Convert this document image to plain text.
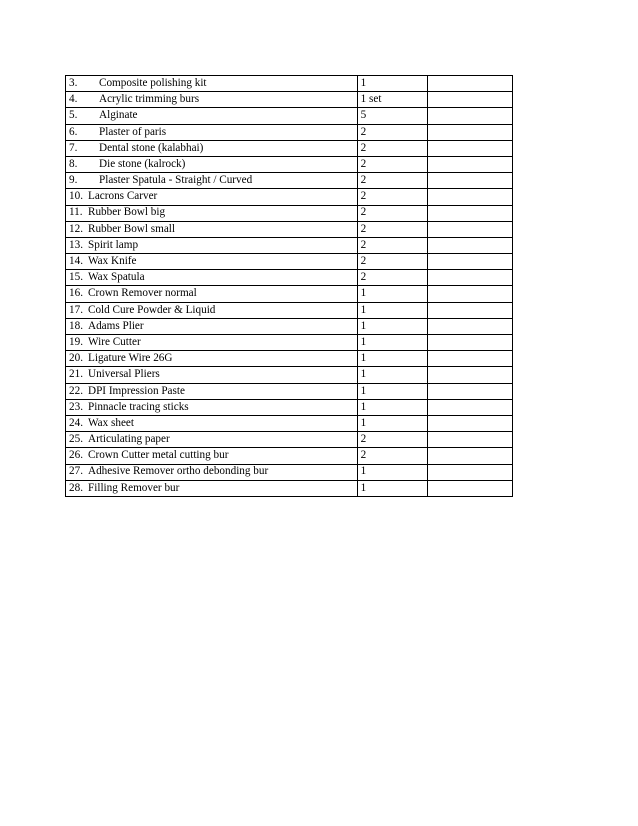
3. Composite polishing kit	1	
4. Acrylic trimming burs	1 set	
5. Alginate	5	
6. Plaster of paris	2	
7. Dental stone (kalabhai)	2	
8. Die stone (kalrock)	2	
9. Plaster Spatula - Straight / Curved	2	
10. Lacrons Carver	2	
11. Rubber Bowl big	2	
12. Rubber Bowl small	2	
13. Spirit lamp	2	
14. Wax Knife	2	
15. Wax Spatula	2	
16. Crown Remover normal	1	
17. Cold Cure Powder & Liquid	1	
18. Adams Plier	1	
19. Wire Cutter	1	
20. Ligature Wire 26G	1	
21. Universal Pliers	1	
22. DPI Impression Paste	1	
23. Pinnacle tracing sticks	1	
24. Wax sheet	1	
25. Articulating paper	2	
26. Crown Cutter metal cutting bur	2	
27. Adhesive Remover ortho debonding bur	1	
28. Filling Remover bur	1	
